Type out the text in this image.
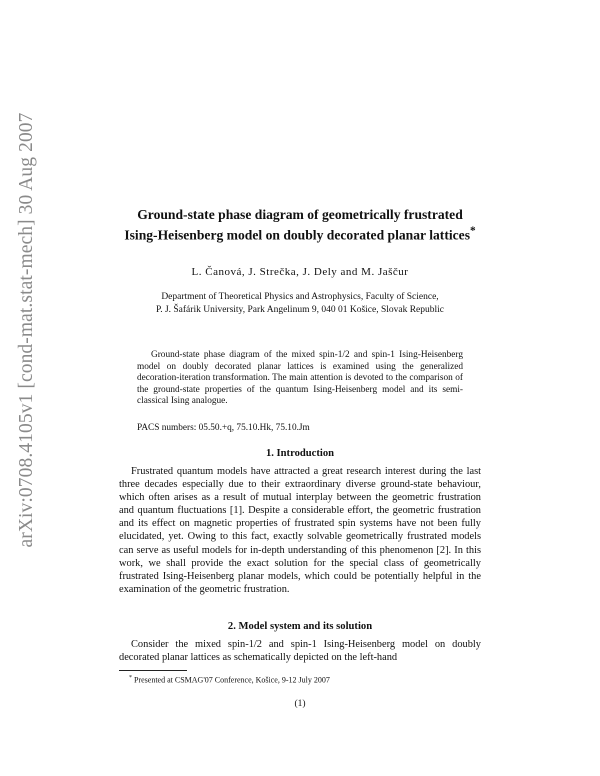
arXiv:0708.4105v1 [cond-mat.stat-mech] 30 Aug 2007	Ground-state phase diagram of geometrically frustrated Ising-Heisenberg model on doubly decorated planar lattices*
L. Čanová, J. Strečka, J. Dely and M. Jaščur
Department of Theoretical Physics and Astrophysics, Faculty of Science,
P. J. Šafárik University, Park Angelinum 9, 040 01 Košice, Slovak Republic
Ground-state phase diagram of the mixed spin-1/2 and spin-1 Ising-Heisenberg model on doubly decorated planar lattices is examined using the generalized decoration-iteration transformation. The main attention is devoted to the comparison of the ground-state properties of the quantum Ising-Heisenberg model and its semi-classical Ising analogue.
PACS numbers: 05.50.+q, 75.10.Hk, 75.10.Jm
1. Introduction
Frustrated quantum models have attracted a great research interest during the last three decades especially due to their extraordinary diverse ground-state behaviour, which often arises as a result of mutual interplay between the geometric frustration and quantum fluctuations [1]. Despite a considerable effort, the geometric frustration and its effect on magnetic properties of frustrated spin systems have not been fully elucidated, yet. Owing to this fact, exactly solvable geometrically frustrated models can serve as useful models for in-depth understanding of this phenomenon [2]. In this work, we shall provide the exact solution for the special class of geometrically frustrated Ising-Heisenberg planar models, which could be potentially helpful in the examination of the geometric frustration.
2. Model system and its solution
Consider the mixed spin-1/2 and spin-1 Ising-Heisenberg model on doubly decorated planar lattices as schematically depicted on the left-hand
* Presented at CSMAG'07 Conference, Košice, 9-12 July 2007
(1)
